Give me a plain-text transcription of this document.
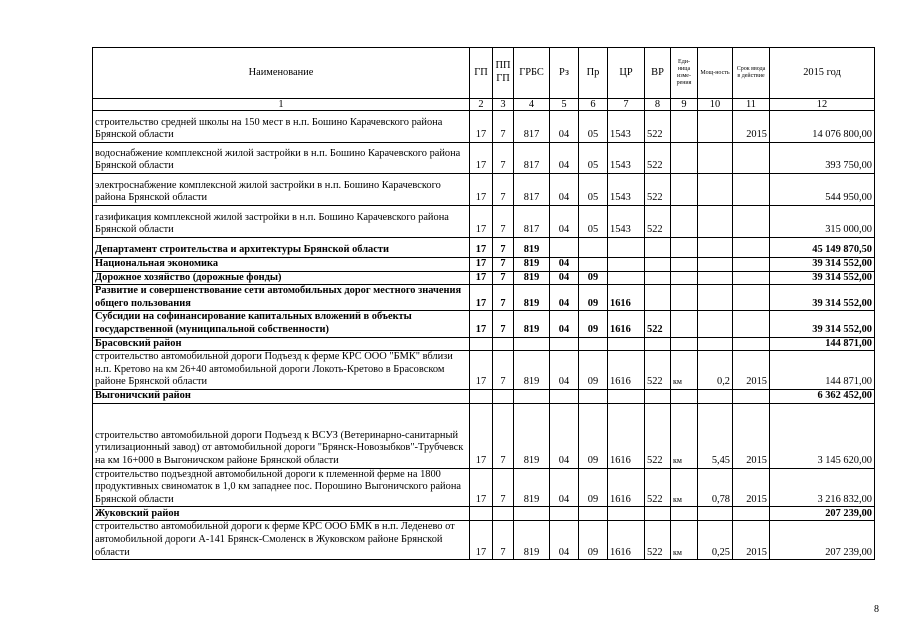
Наименование	ГП	ПП ГП	ГРБС	Рз	Пр	ЦР	ВР	Еди-ница изме-рения	Мощ-ность	Срок ввода в действие	2015 год
1	2	3	4	5	6	7	8	9	10	11	12
строительство средней школы на 150 мест в н.п. Бошино Карачевского района Брянской области	17	7	817	04	05	1543	522			2015	14 076 800,00
водоснабжение комплексной жилой застройки в н.п. Бошино Карачевского района Брянской области	17	7	817	04	05	1543	522				393 750,00
электроснабжение комплексной жилой застройки в н.п. Бошино Карачевского района Брянской области	17	7	817	04	05	1543	522				544 950,00
газификация комплексной жилой застройки в н.п. Бошино Карачевского района Брянской области	17	7	817	04	05	1543	522				315 000,00
Департамент строительства и архитектуры Брянской области	17	7	819								45 149 870,50
Национальная экономика	17	7	819	04							39 314 552,00
Дорожное хозяйство (дорожные фонды)	17	7	819	04	09						39 314 552,00
Развитие и совершенствование сети автомобильных дорог местного значения общего пользования	17	7	819	04	09	1616					39 314 552,00
Субсидии на софинансирование капитальных вложений в объекты государственной (муниципальной собственности)	17	7	819	04	09	1616	522				39 314 552,00
Брасовский район											144 871,00
строительство автомобильной дороги Подъезд к ферме КРС ООО "БМК" вблизи н.п. Кретово на км 26+40 автомобильной дороги Локоть-Кретово в Брасовском районе Брянской области	17	7	819	04	09	1616	522	км	0,2	2015	144 871,00
Выгоничский район											6 362 452,00
строительство автомобильной дороги Подъезд к ВСУЗ (Ветеринарно-санитарный утилизационный завод) от автомобильной дороги "Брянск-Новозыбков"-Трубчевск на км 16+000 в Выгоничском районе Брянской области	17	7	819	04	09	1616	522	км	5,45	2015	3 145 620,00
строительство подъездной автомобильной дороги к племенной ферме на 1800 продуктивных свиноматок в 1,0 км западнее пос. Порошино Выгоничского района Брянской области	17	7	819	04	09	1616	522	км	0,78	2015	3 216 832,00
Жуковский район											207 239,00
строительство автомобильной дороги к ферме КРС ООО БМК в н.п. Леденево от автомобильной дороги А-141 Брянск-Смоленск в Жуковском районе Брянской области	17	7	819	04	09	1616	522	км	0,25	2015	207 239,00
8
